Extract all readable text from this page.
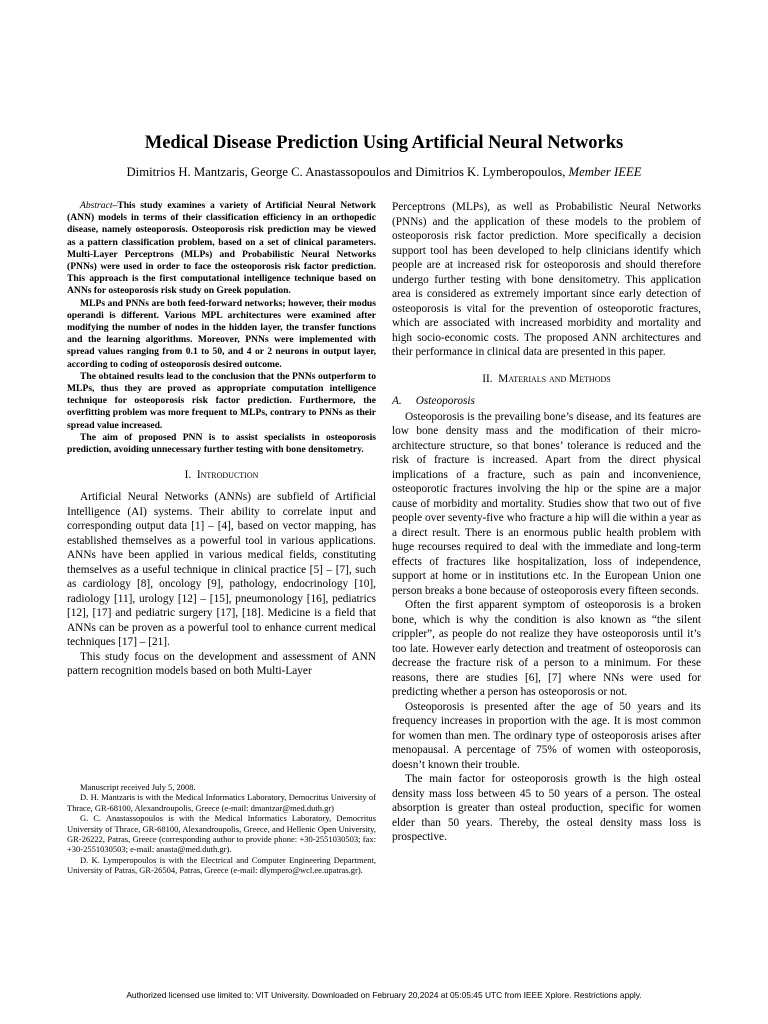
Medical Disease Prediction Using Artificial Neural Networks
Dimitrios H. Mantzaris, George C. Anastassopoulos and Dimitrios K. Lymberopoulos, Member IEEE

Abstract–This study examines a variety of Artificial Neural Network (ANN) models in terms of their classification efficiency in an orthopedic disease, namely osteoporosis. Osteoporosis risk prediction may be viewed as a pattern classification problem, based on a set of clinical parameters. Multi-Layer Perceptrons (MLPs) and Probabilistic Neural Networks (PNNs) were used in order to face the osteoporosis risk factor prediction. This approach is the first computational intelligence technique based on ANNs for osteoporosis risk study on Greek population.

MLPs and PNNs are both feed-forward networks; however, their modus operandi is different. Various MPL architectures were examined after modifying the number of nodes in the hidden layer, the transfer functions and the learning algorithms. Moreover, PNNs were implemented with spread values ranging from 0.1 to 50, and 4 or 2 neurons in output layer, according to coding of osteoporosis desired outcome.

The obtained results lead to the conclusion that the PNNs outperform to MLPs, thus they are proved as appropriate computation intelligence technique for osteoporosis risk factor prediction. Furthermore, the overfitting problem was more frequent to MLPs, contrary to PNNs as their spread value increased.

The aim of proposed PNN is to assist specialists in osteoporosis prediction, avoiding unnecessary further testing with bone densitometry.

I. Introduction

Artificial Neural Networks (ANNs) are subfield of Artificial Intelligence (AI) systems. Their ability to correlate input and corresponding output data [1] – [4], based on vector mapping, has established themselves as a powerful tool in various applications. ANNs have been applied in various medical fields, constituting themselves as a useful technique in clinical practice [5] – [7], such as cardiology [8], oncology [9], pathology, endocrinology [10], radiology [11], urology [12] – [15], pneumonology [16], pediatrics [12], [17] and pediatric surgery [17], [18]. Medicine is a field that ANNs can be proven as a powerful tool to enhance current medical techniques [17] – [21].

This study focus on the development and assessment of ANN pattern recognition models based on both Multi-Layer

Manuscript received July 5, 2008.

D. H. Mantzaris is with the Medical Informatics Laboratory, Democritus University of Thrace, GR-68100, Alexandroupolis, Greece (e-mail: dmantzar@med.duth.gr)

G. C. Anastassopoulos is with the Medical Informatics Laboratory, Democritus University of Thrace, GR-68100, Alexandroupolis, Greece, and Hellenic Open University, GR-26222, Patras, Greece (corresponding author to provide phone: +30-2551030503; fax: +30-2551030503; e-mail: anasta@med.duth.gr).

D. K. Lymperopoulos is with the Electrical and Computer Engineering Department, University of Patras, GR-26504, Patras, Greece (e-mail: dlympero@wcl.ee.upatras.gr).

Perceptrons (MLPs), as well as Probabilistic Neural Networks (PNNs) and the application of these models to the problem of osteoporosis risk factor prediction. More specifically a decision support tool has been developed to help clinicians identify which people are at increased risk for osteoporosis and should therefore undergo further testing with bone densitometry. This application area is considered as extremely important since early detection of osteoporosis is vital for the prevention of osteoporotic fractures, which are associated with increased morbidity and mortality and high socio-economic costs. The proposed ANN architectures and their performance in clinical data are presented in this paper.

II. Materials and Methods
A. Osteoporosis

Osteoporosis is the prevailing bone’s disease, and its features are low bone density mass and the modification of their micro-architecture structure, so that bones’ tolerance is reduced and the risk of fracture is increased. Apart from the direct physical implications of a fracture, such as pain and inconvenience, osteoporotic fractures involving the hip or the spine are a major cause of morbidity and mortality. Studies show that two out of five people over seventy-five who fracture a hip will die within a year as a direct result. There is an enormous public health problem with huge recourses required to deal with the immediate and long-term effects of fractures like hospitalization, loss of independence, support at home or in institutions etc. In the European Union one person breaks a bone because of osteoporosis every fifteen seconds.

Often the first apparent symptom of osteoporosis is a broken bone, which is why the condition is also known as “the silent crippler”, as people do not realize they have osteoporosis until it’s too late. However early detection and treatment of osteoporosis can decrease the fracture risk of a person to a minimum. For these reasons, there are studies [6], [7] where NNs were used for predicting whether a person has osteoporosis or not.

Osteoporosis is presented after the age of 50 years and its frequency increases in proportion with the age. It is most common for women than men. The ordinary type of osteoporosis arises after menopausal. A percentage of 75% of women with osteoporosis, doesn’t known their trouble.

The main factor for osteoporosis growth is the high osteal density mass loss between 45 to 50 years of a person. The osteal absorption is greater than osteal production, specific for women elder than 50 years. Thereby, the osteal density mass loss is prospective.

Authorized licensed use limited to: VIT University. Downloaded on February 20,2024 at 05:05:45 UTC from IEEE Xplore. Restrictions apply.
